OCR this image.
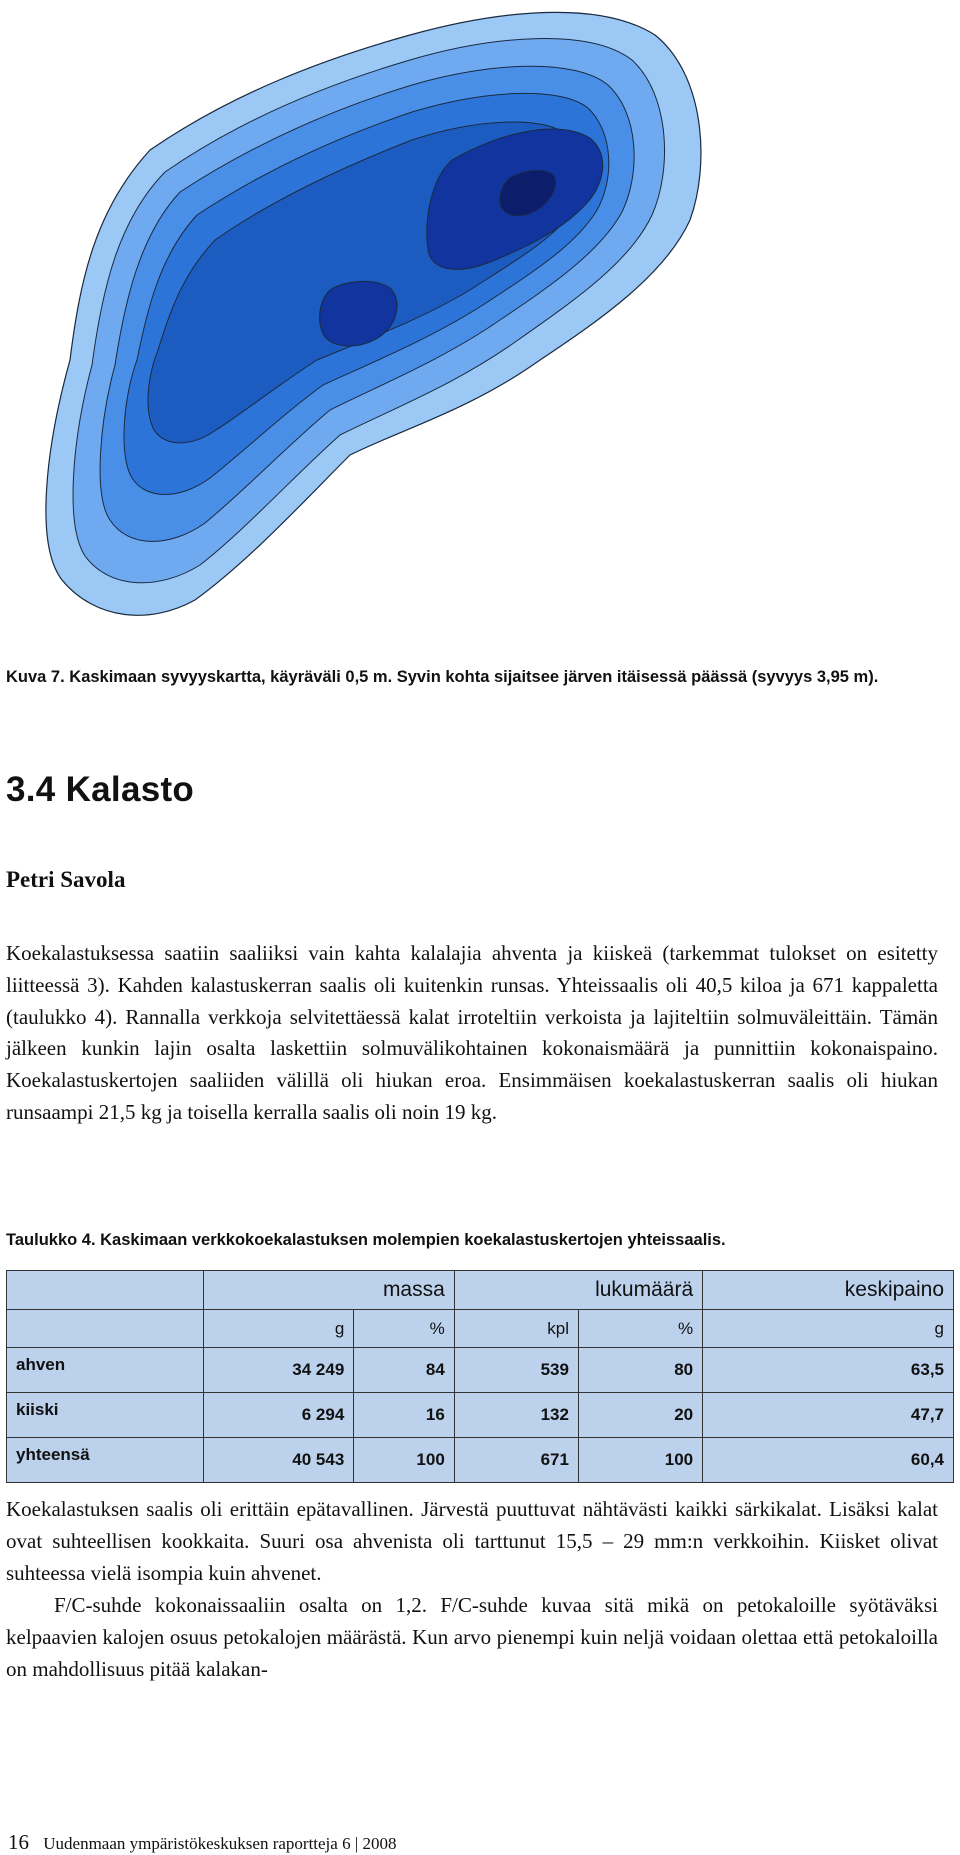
Kuva 7. Kaskimaan syvyyskartta, käyräväli 0,5 m. Syvin kohta sijaitsee järven itäisessä päässä (syvyys 3,95 m).
3.4 Kalasto

Petri Savola

Koekalastuksessa saatiin saaliiksi vain kahta kalalajia ahventa ja kiiskeä (tarkemmat tulokset on esitetty liitteessä 3). Kahden kalastuskerran saalis oli kuitenkin runsas. Yhteissaalis oli 40,5 kiloa ja 671 kappaletta (taulukko 4). Rannalla verkkoja selvitettäessä kalat irroteltiin verkoista ja lajiteltiin solmuväleittäin. Tämän jälkeen kunkin lajin osalta laskettiin solmuvälikohtainen kokonaismäärä ja punnittiin kokonaispaino. Koekalastuskertojen saaliiden välillä oli hiukan eroa. Ensimmäisen koekalastuskerran saalis oli hiukan runsaampi 21,5 kg ja toisella kerralla saalis oli noin 19 kg.

Taulukko 4. Kaskimaan verkkokoekalastuksen molempien koekalastuskertojen yhteissaalis.
	massa		lukumäärä		keskipaino
	g	%	kpl	%	g
ahven	34 249	84	539	80	63,5
kiiski	6 294	16	132	20	47,7
yhteensä	40 543	100	671	100	60,4

Koekalastuksen saalis oli erittäin epätavallinen. Järvestä puuttuvat nähtävästi kaikki särkikalat. Lisäksi kalat ovat suhteellisen kookkaita. Suuri osa ahvenista oli tarttunut 15,5 – 29 mm:n verkkoihin. Kiisket olivat suhteessa vielä isompia kuin ahvenet.

F/C-suhde kokonaissaaliin osalta on 1,2. F/C-suhde kuvaa sitä mikä on petokaloille syötäväksi kelpaavien kalojen osuus petokalojen määrästä. Kun arvo pienempi kuin neljä voidaan olettaa että petokaloilla on mahdollisuus pitää kalakan-

16 Uudenmaan ympäristökeskuksen raportteja 6 | 2008
